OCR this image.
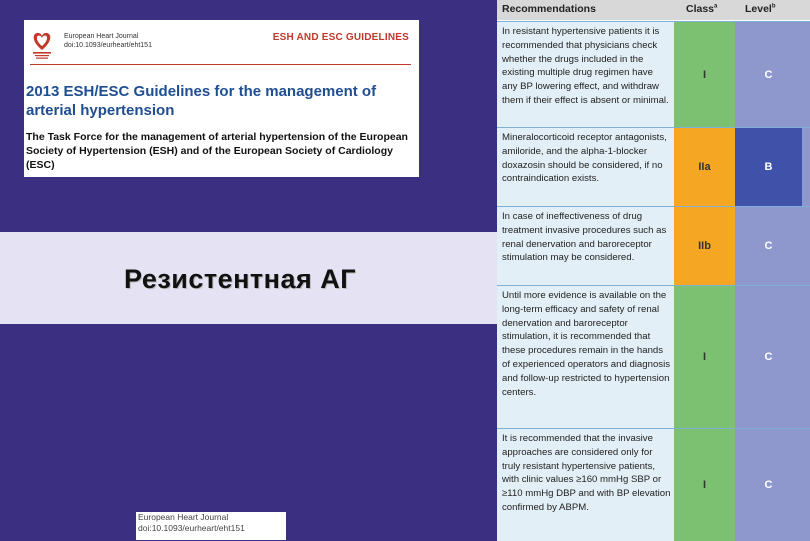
Резистентная АГ
European Heart Journal
doi:10.1093/eurheart/eht151
ESH AND ESC GUIDELINES
2013 ESH/ESC Guidelines for the management of arterial hypertension
The Task Force for the management of arterial hypertension of the European Society of Hypertension (ESH) and of the European Society of Cardiology (ESC)
European Heart Journal
doi:10.1093/eurheart/eht151
Recommendations	Class$^a$	Level$^b$
In resistant hypertensive patients it is recommended that physicians check whether the drugs included in the existing multiple drug regimen have any BP lowering effect, and withdraw them if their effect is absent or minimal.
I	C
Mineralocorticoid receptor antagonists, amiloride, and the alpha-1-blocker doxazosin should be considered, if no contraindication exists.
IIa	B
In case of ineffectiveness of drug treatment invasive procedures such as renal denervation and baroreceptor stimulation may be considered.
IIb	C
Until more evidence is available on the long-term efficacy and safety of renal denervation and baroreceptor stimulation, it is recommended that these procedures remain in the hands of experienced operators and diagnosis and follow-up restricted to hypertension centers.
I	C
It is recommended that the invasive approaches are considered only for truly resistant hypertensive patients, with clinic values ≥160 mmHg SBP or ≥110 mmHg DBP and with BP elevation confirmed by ABPM.
I	C
